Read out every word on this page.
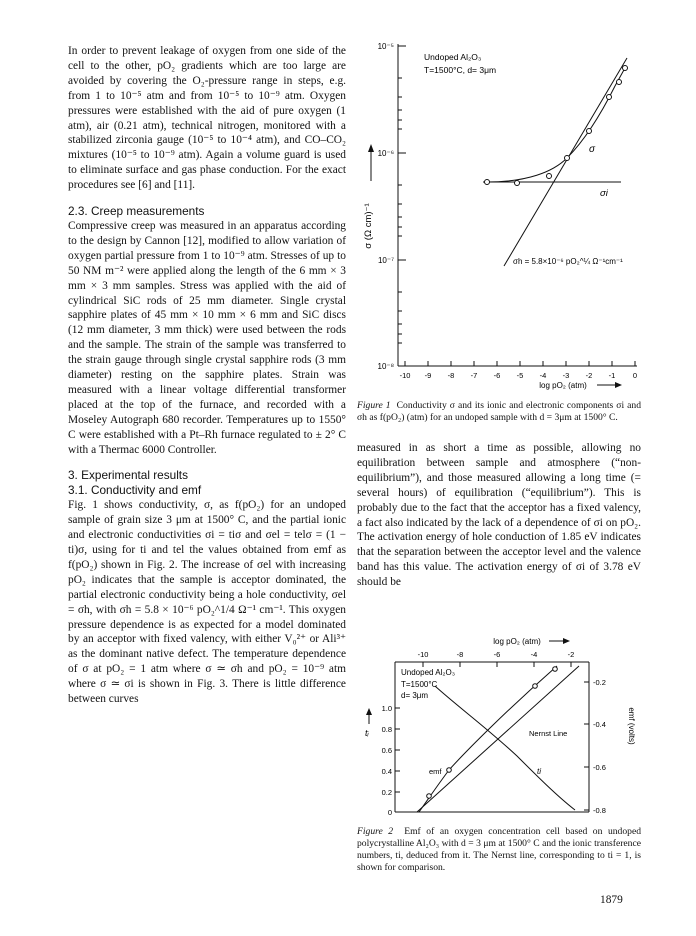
In order to prevent leakage of oxygen from one side of the cell to the other, pO₂ gradients which are too large are avoided by covering the O₂-pressure range in steps, e.g. from 1 to 10⁻⁵ atm and from 10⁻⁵ to 10⁻⁹ atm. Oxygen pressures were established with the aid of pure oxygen (1 atm), air (0.21 atm), technical nitrogen, monitored with a stabilized zirconia gauge (10⁻⁵ to 10⁻⁴ atm), and CO–CO₂ mixtures (10⁻⁵ to 10⁻⁹ atm). Again a volume guard is used to eliminate surface and gas phase conduction. For the exact procedures see [6] and [11].

2.3. Creep measurements

Compressive creep was measured in an apparatus according to the design by Cannon [12], modified to allow variation of oxygen partial pressure from 1 to 10⁻⁹ atm. Stresses of up to 50 NM m⁻² were applied along the length of the 6 mm × 3 mm × 3 mm samples. Stress was applied with the aid of cylindrical SiC rods of 25 mm diameter. Single crystal sapphire plates of 45 mm × 10 mm × 6 mm and SiC discs (12 mm diameter, 3 mm thick) were used between the rods and the sample. The strain of the sample was transferred to the strain gauge through single crystal sapphire rods (3 mm diameter) resting on the sapphire plates. Strain was measured with a linear voltage differential transformer placed at the top of the furnace, and recorded with a Moseley Autograph 680 recorder. Temperatures up to 1550° C were established with a Pt–Rh furnace regulated to ± 2° C with a Thermac 6000 Controller.

3. Experimental results
3.1. Conductivity and emf

Fig. 1 shows conductivity, σ, as f(pO₂) for an undoped sample of grain size 3 μm at 1500° C, and the partial ionic and electronic conductivities σi = tiσ and σel = telσ = (1 − ti)σ, using for ti and tel the values obtained from emf as f(pO₂) shown in Fig. 2. The increase of σel with increasing pO₂ indicates that the sample is acceptor dominated, the partial electronic conductivity being a hole conductivity, σel = σh, with σh = 5.8 × 10⁻⁶ pO₂^1/4 Ω⁻¹ cm⁻¹. This oxygen pressure dependence is as expected for a model dominated by an acceptor with fixed valency, with either V₀²⁺ or Ali³⁺ as the dominant native defect. The temperature dependence of σ at pO₂ = 1 atm where σ ≃ σh and pO₂ = 10⁻⁹ atm where σ ≃ σi is shown in Fig. 3. There is little difference between curves

10⁻⁵
10⁻⁶
10⁻⁷
10⁻⁸
σ (Ω cm)⁻¹
-10 -9 -8 -7 -6 -5 -4 -3 -2 -1 0
log pO₂ (atm)
Undoped Al₂O₃
T=1500°C, d= 3μm
σ
σi
σh = 5.8×10⁻⁶ pO₂^¼ Ω⁻¹cm⁻¹
Figure 1 Conductivity σ and its ionic and electronic components σi and σh as f(pO₂) (atm) for an undoped sample with d = 3μm at 1500° C.

measured in as short a time as possible, allowing no equilibration between sample and atmosphere (“non-equilibrium”), and those measured allowing a long time (= several hours) of equilibration (“equilibrium”). This is probably due to the fact that the acceptor has a fixed valency, a fact also indicated by the lack of a dependence of σi on pO₂. The activation energy of hole conduction of 1.85 eV indicates that the separation between the acceptor level and the valence band has this value. The activation energy of σi of 3.78 eV should be

log pO₂ (atm)
-10	-8	-6	-4	-2
Undoped Al₂O₃
T=1500°C
d= 3μm
1.0
0.8
0.6
0.4
0.2
0
tᵢ
-0.2
-0.4
-0.6
-0.8
emf (volts)
Nernst Line
emf	ti
Figure 2 Emf of an oxygen concentration cell based on undoped polycrystalline Al₂O₃ with d = 3 μm at 1500° C and the ionic transference numbers, ti, deduced from it. The Nernst line, corresponding to ti = 1, is shown for comparison.
1879
